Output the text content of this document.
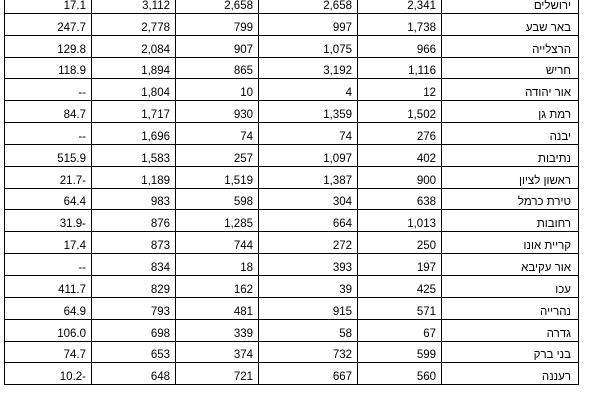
17.1	3,112	2,658	2,658	2,341	ירושלים
247.7	2,778	799	997	1,738	באר שבע
129.8	2,084	907	1,075	966	הרצלייה
118.9	1,894	865	3,192	1,116	חריש
--	1,804	10	4	12	אור יהודה
84.7	1,717	930	1,359	1,502	רמת גן
--	1,696	74	74	276	יבנה
515.9	1,583	257	1,097	402	נתיבות
21.7-	1,189	1,519	1,387	900	ראשון לציון
64.4	983	598	304	638	טירת כרמל
31.9-	876	1,285	664	1,013	רחובות
17.4	873	744	272	250	קריית אונו
--	834	18	393	197	אור עקיבא
411.7	829	162	39	425	עכו
64.9	793	481	915	571	נהרייה
106.0	698	339	58	67	גדרה
74.7	653	374	732	599	בני ברק
10.2-	648	721	667	560	רעננה
